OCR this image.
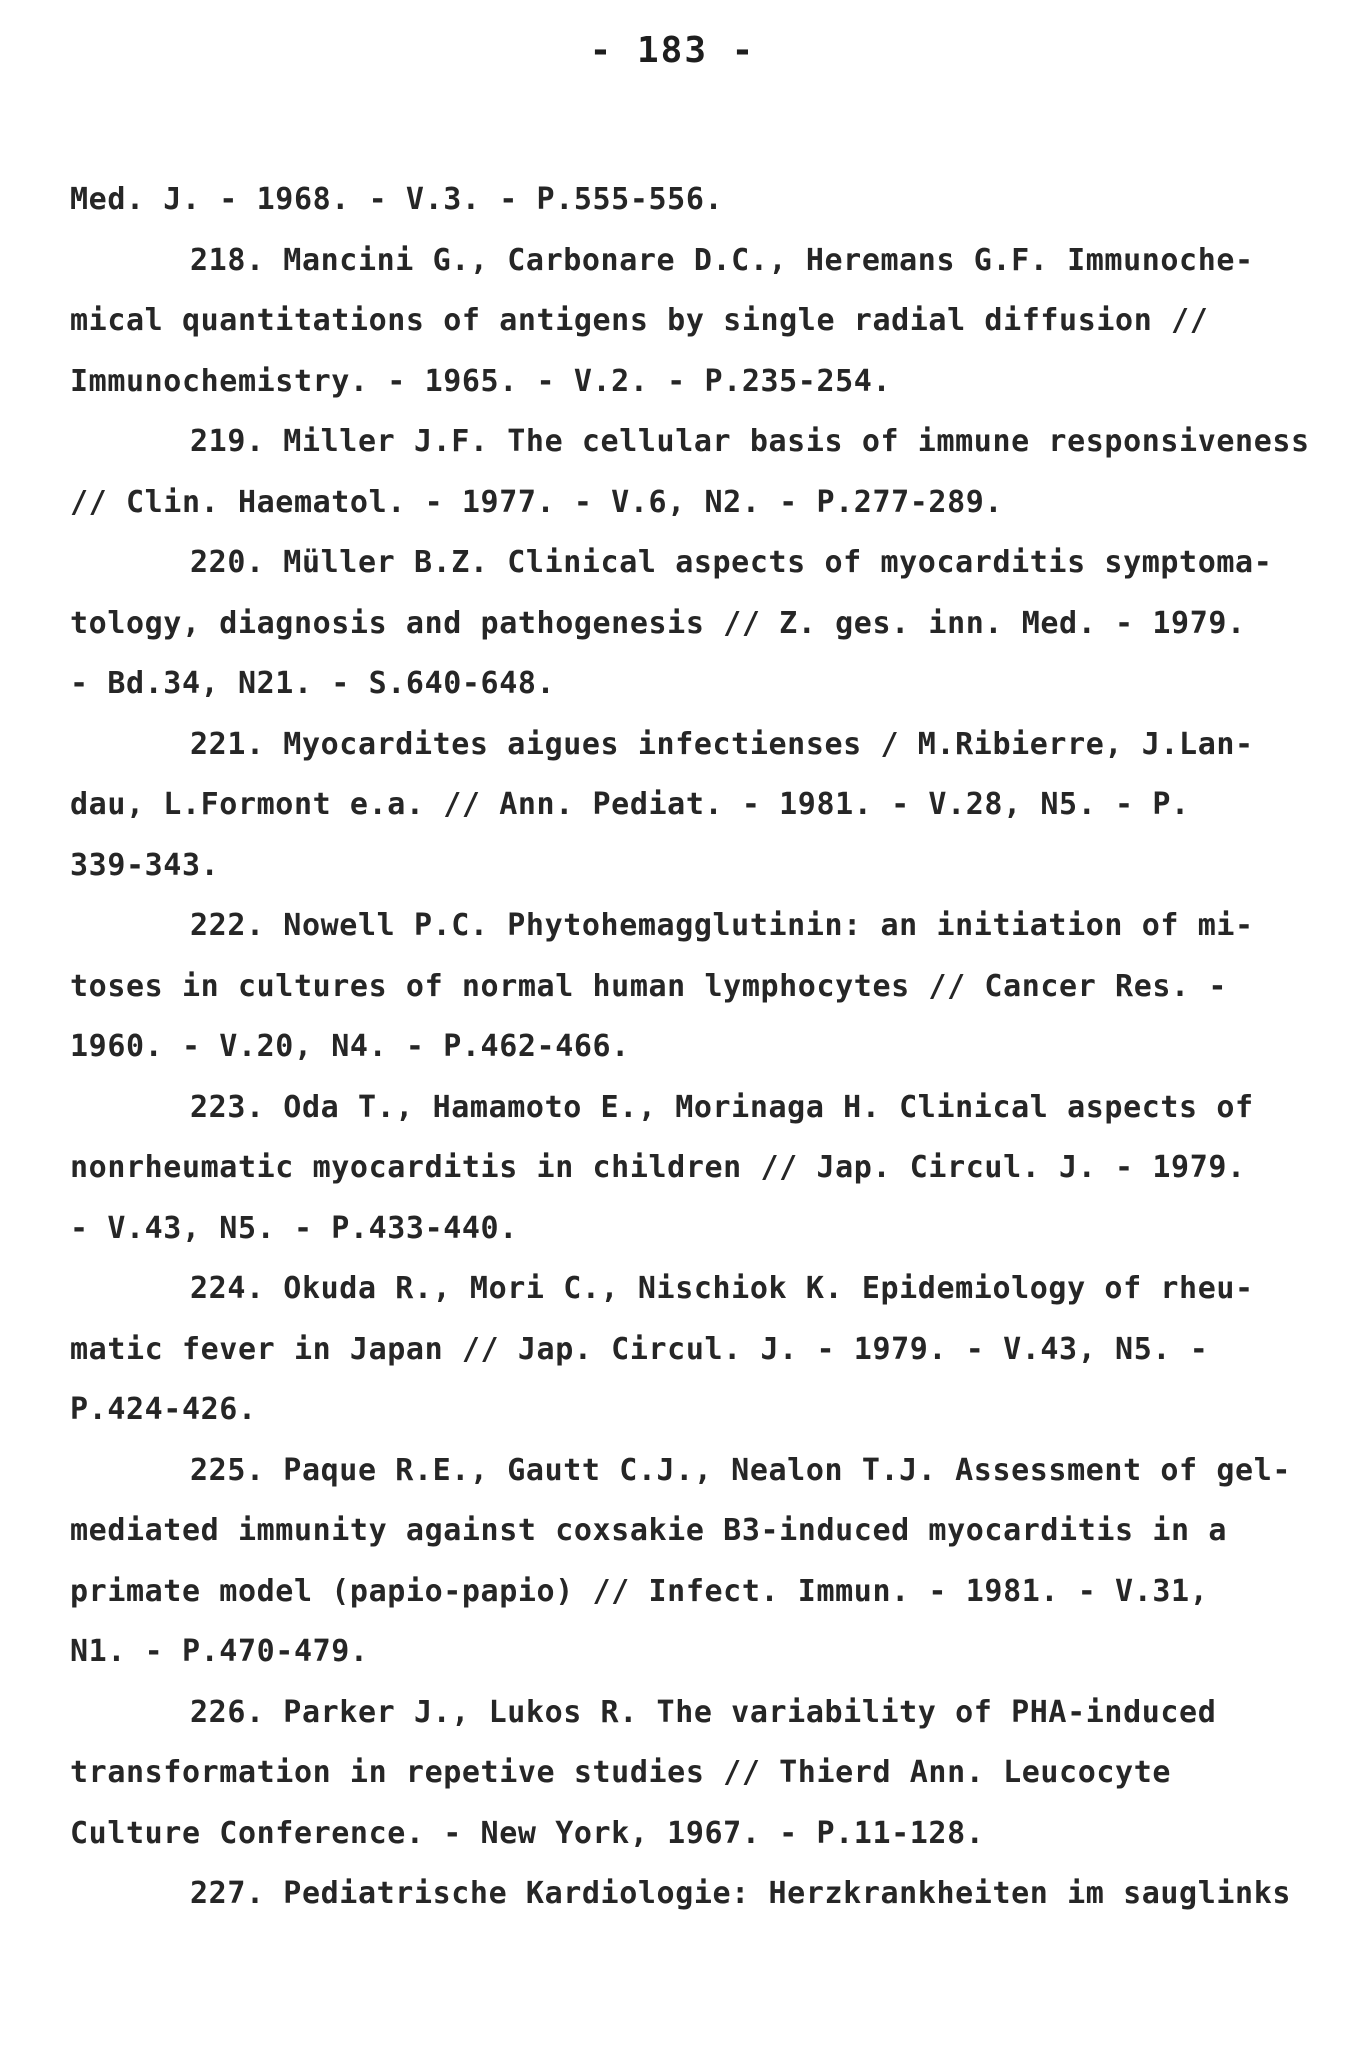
- 183 -
Med. J. - 1968. - V.3. - P.555-556.
218. Mancini G., Carbonare D.C., Heremans G.F. Immunoche-
mical quantitations of antigens by single radial diffusion //
Immunochemistry. - 1965. - V.2. - P.235-254.
219. Miller J.F. The cellular basis of immune responsiveness
// Clin. Haematol. - 1977. - V.6, N2. - P.277-289.
220. Müller B.Z. Clinical aspects of myocarditis symptoma-
tology, diagnosis and pathogenesis // Z. ges. inn. Med. - 1979.
- Bd.34, N21. - S.640-648.
221. Myocardites aigues infectienses / M.Ribierre, J.Lan-
dau, L.Formont e.a. // Ann. Pediat. - 1981. - V.28, N5. - P.
339-343.
222. Nowell P.C. Phytohemagglutinin: an initiation of mi-
toses in cultures of normal human lymphocytes // Cancer Res. -
1960. - V.20, N4. - P.462-466.
223. Oda T., Hamamoto E., Morinaga H. Clinical aspects of
nonrheumatic myocarditis in children // Jap. Circul. J. - 1979.
- V.43, N5. - P.433-440.
224. Okuda R., Mori C., Nischiok K. Epidemiology of rheu-
matic fever in Japan // Jap. Circul. J. - 1979. - V.43, N5. -
P.424-426.
225. Paque R.E., Gautt C.J., Nealon T.J. Assessment of gel-
mediated immunity against coxsakie B3-induced myocarditis in a
primate model (papio-papio) // Infect. Immun. - 1981. - V.31,
N1. - P.470-479.
226. Parker J., Lukos R. The variability of PHA-induced
transformation in repetive studies // Thierd Ann. Leucocyte
Culture Conference. - New York, 1967. - P.11-128.
227. Pediatrische Kardiologie: Herzkrankheiten im sauglinks
